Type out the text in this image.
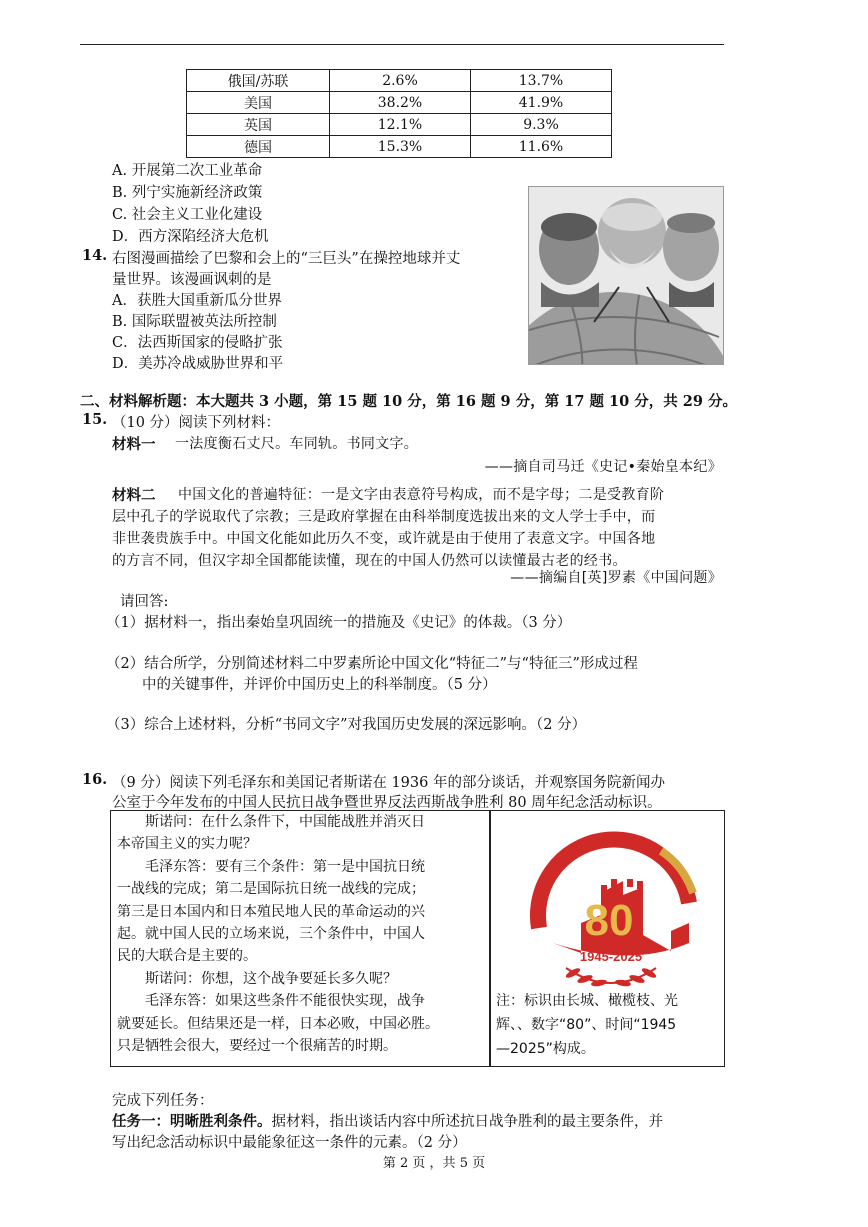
俄国/苏联	2.6%	13.7%
美国	38.2%	41.9%
英国	12.1%	9.3%
德国	15.3%	11.6%
A. 开展第二次工业革命
B. 列宁实施新经济政策
C. 社会主义工业化建设
D．西方深陷经济大危机
14. 右图漫画描绘了巴黎和会上的“三巨头”在操控地球并丈
量世界。该漫画讽刺的是
A．获胜大国重新瓜分世界
B. 国际联盟被英法所控制
C．法西斯国家的侵略扩张
D．美苏冷战威胁世界和平
二、材料解析题：本大题共 3 小题，第 15 题 10 分，第 16 题 9 分，第 17 题 10 分，共 29 分。
15. （10 分）阅读下列材料：
材料一 一法度衡石丈尺。车同轨。书同文字。
——摘自司马迁《史记•秦始皇本纪》
材料二 中国文化的普遍特征：一是文字由表意符号构成，而不是字母；二是受教育阶
层中孔子的学说取代了宗教；三是政府掌握在由科举制度选拔出来的文人学士手中，而
非世袭贵族手中。中国文化能如此历久不变，或许就是由于使用了表意文字。中国各地
的方言不同，但汉字却全国都能读懂，现在的中国人仍然可以读懂最古老的经书。
——摘编自[英]罗素《中国问题》
请回答:
（1）据材料一，指出秦始皇巩固统一的措施及《史记》的体裁。（3 分）
（2）结合所学，分别简述材料二中罗素所论中国文化“特征二”与“特征三”形成过程
中的关键事件，并评价中国历史上的科举制度。（5 分）
（3）综合上述材料，分析“书同文字”对我国历史发展的深远影响。（2 分）
16. （9 分）阅读下列毛泽东和美国记者斯诺在 1936 年的部分谈话，并观察国务院新闻办
公室于今年发布的中国人民抗日战争暨世界反法西斯战争胜利 80 周年纪念活动标识。

斯诺问：在什么条件下，中国能战胜并消灭日

本帝国主义的实力呢？

毛泽东答：要有三个条件：第一是中国抗日统

一战线的完成；第二是国际抗日统一战线的完成；

第三是日本国内和日本殖民地人民的革命运动的兴

起。就中国人民的立场来说，三个条件中，中国人

民的大联合是主要的。

斯诺问：你想，这个战争要延长多久呢？

毛泽东答：如果这些条件不能很快实现，战争

就要延长。但结果还是一样，日本必败，中国必胜。

只是牺牲会很大，要经过一个很痛苦的时期。

80
1945-2025
注：标识由长城、橄榄枝、光
辉、、数字“80”、时间“1945
—2025”构成。
完成下列任务：
任务一：明晰胜利条件。据材料，指出谈话内容中所述抗日战争胜利的最主要条件，并
写出纪念活动标识中最能象征这一条件的元素。（2 分）
第 2 页 ，共 5 页
